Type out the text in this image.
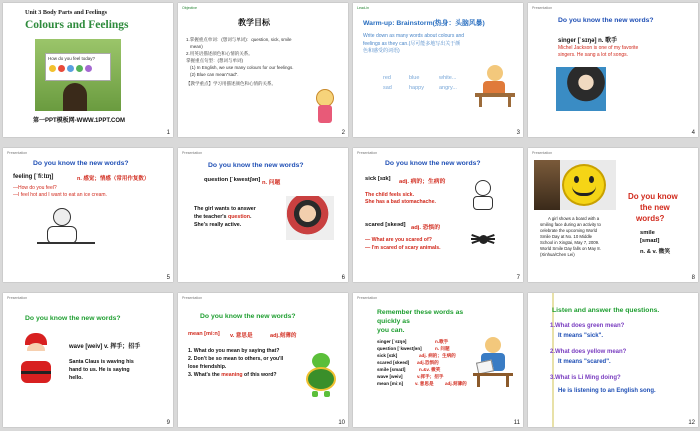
Unit 3 Body Parts and Feelings
Colours and Feelings
How do you feel today?
第一PPT模板网-WWW.1PPT.COM
1
Objective
教学目标
1.掌握重点单词：(想词与单词)：question, sick, smile
mean)
2.用英语描述颜色和心情的关系。
掌握重点句型：(想词与单词)
(1) In English, we use many colours for our feelings.
(2) Blue can mean"sad".
【教学重点】学习用描述颜色和心情的关系。
2
Lead-in
Warm-up: Brainstorm(热身：头脑风暴)
Write down as many words about colours and
feelings as they can.(尽可能多地写出关于颜
色和感受的词语)
red	blue	white...
sad	happy	angry...
3
Presentation
Do you know the new words?
singer [ˈsɪŋə] n. 歌手
Michel Jackson is one of my favorite
singers. He sang a lot of songs.
4
Presentation
Do you know the new words?
feeling [ˈfiːlɪŋ]	n. 感觉；情感（常用作复数）
—How do you feel?
—I feel hot and I want to eat an ice cream.
5
Presentation
Do you know the new words?
question [ˈkwestʃən] n. 问题
The girl wants to answer
the teacher's question.
She's really active.
6
Presentation
Do you know the new words?
sick [sɪk] adj. 病的；生病的
The child feels sick.
She has a bad stomachache.
scared [skeəd] adj. 恐惧的
— What are you scared of?
— I'm scared of scary animals.
7
Presentation
Do you know
the new
words?
A girl shows a board with a
smiling face during an activity to
celebrate the upcoming World
Smile Day at No. 10 Middle
School in Xingtai, May 7, 2009.
World Smile Day falls on May 8.
(Xinhua/Chen Lei)
smile
[smaɪl]
n. & v. 微笑
8
Presentation
Do you know the new words?
wave [weiv] v. 挥手；招手
Santa Claus is waving his
hand to us. He is saying
hello.
9
Presentation
Do you know the new words?
mean [miːn] v. 意思是	adj.刻薄的
1. What do you mean by saying that?
2. Don't be so mean to others, or you'll
lose friendship.
3. What's the meaning of this word?
10
Presentation
Remember these words as
quickly as
you can.
singer [ˈsɪŋə]	n.歌手
question [ˈkwestʃən]	n. 问题
sick [sɪk]	adj. 病的；生病的
scared [skeəd] adj.恐惧的
smile [smaɪl]	n.&v. 微笑
wave [weiv]	v.挥手；招手
mean [miːn]	v. 意思是 adj.刻薄的
11
Listen and answer the questions.
1.What does green mean?
It means "sick".
2.What does yellow mean?
It means "scared".
3.What is Li Ming doing?
He is listening to an English song.
12
